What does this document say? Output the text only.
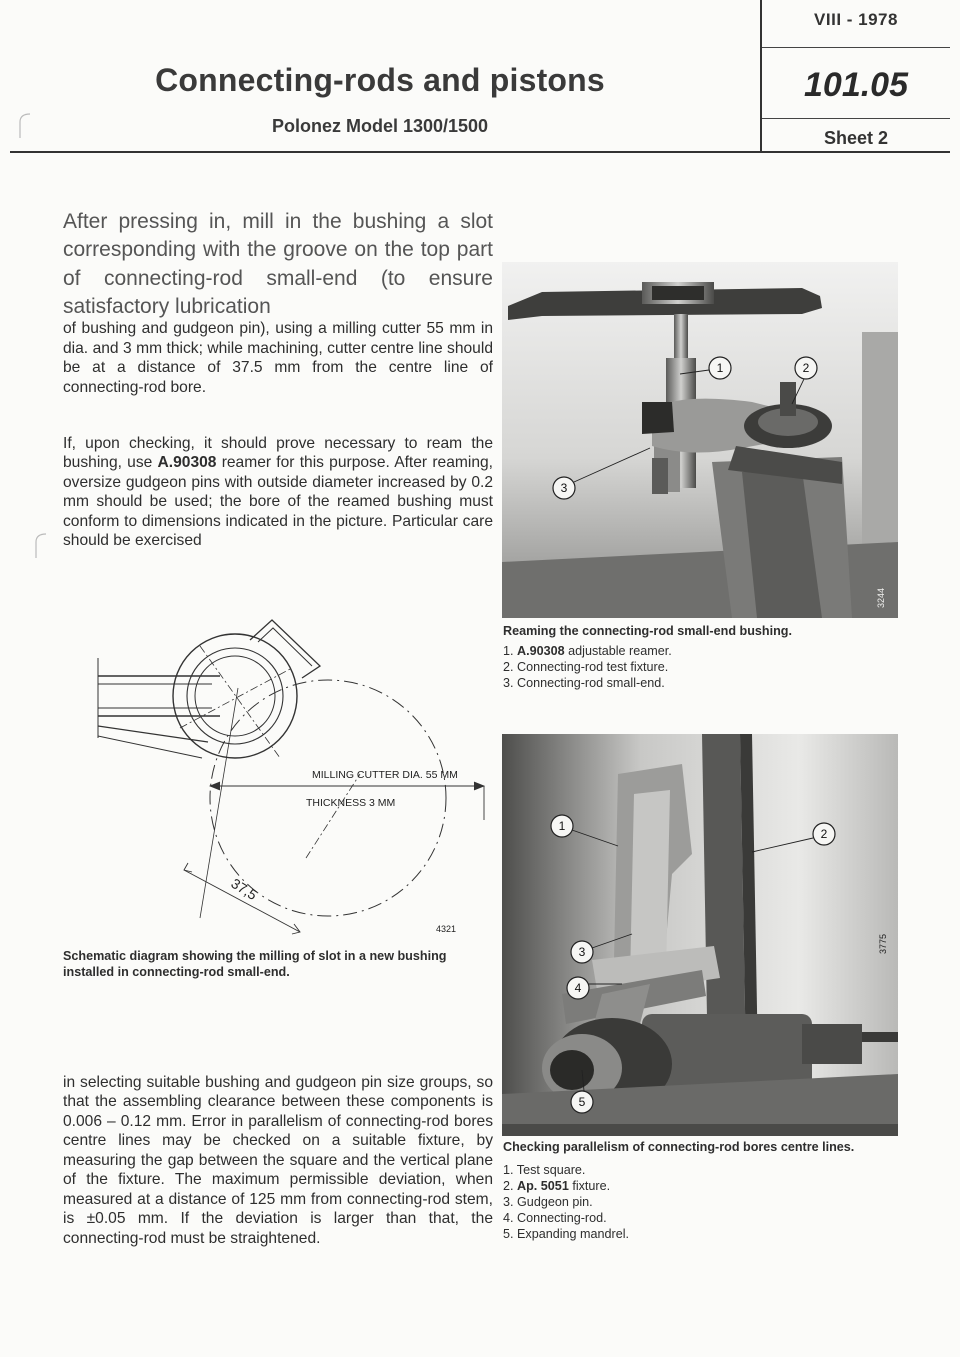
Connecting-rods and pistons
Polonez Model 1300/1500
VIII - 1978
101.05
Sheet 2
After pressing in, mill in the bushing a slot corresponding with the groove on the top part of connecting-rod small-end (to ensure satisfactory lubrication
of bushing and gudgeon pin), using a milling cutter 55 mm in dia. and 3 mm thick; while machining, cutter centre line should be at a distance of 37.5 mm from the centre line of connecting-rod bore.
If, upon checking, it should prove necessary to ream the bushing, use A.90308 reamer for this purpose. After reaming, oversize gudgeon pins with outside diameter increased by 0.2 mm should be used; the bore of the reamed bushing must conform to dimensions indicated in the picture. Particular care should be exercised
MILLING CUTTER DIA. 55 MM
THICKNESS 3 MM
37,5
4321
Schematic diagram showing the milling of slot in a new bushing installed in connecting-rod small-end.
in selecting suitable bushing and gudgeon pin size groups, so that the assembling clearance between these components is 0.006 – 0.12 mm. Error in parallelism of connecting-rod bores centre lines may be checked on a suitable fixture, by measuring the gap between the square and the vertical plane of the fixture. The maximum permissible deviation, when measured at a distance of 125 mm from connecting-rod stem, is ±0.05 mm. If the deviation is larger than that, the connecting-rod must be straightened.
1	2
3
3244
Reaming the connecting-rod small-end bushing.
1. A.90308 adjustable reamer.
2. Connecting-rod test fixture.
3. Connecting-rod small-end.
1
2
3
4
5
3775
Checking parallelism of connecting-rod bores centre lines.
1. Test square.
2. Ap. 5051 fixture.
3. Gudgeon pin.
4. Connecting-rod.
5. Expanding mandrel.
